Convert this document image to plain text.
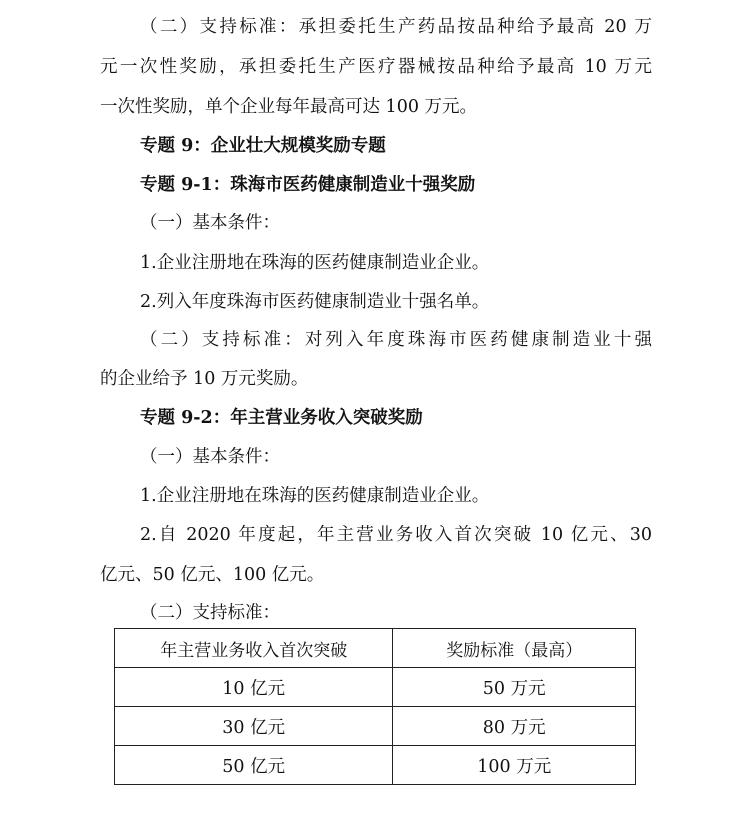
（二）支持标准：承担委托生产药品按品种给予最高 20 万
元一次性奖励，承担委托生产医疗器械按品种给予最高 10 万元
一次性奖励，单个企业每年最高可达 100 万元。
专题 9：企业壮大规模奖励专题
专题 9-1：珠海市医药健康制造业十强奖励
（一）基本条件：
1.企业注册地在珠海的医药健康制造业企业。
2.列入年度珠海市医药健康制造业十强名单。
（二）支持标准：对列入年度珠海市医药健康制造业十强
的企业给予 10 万元奖励。
专题 9-2：年主营业务收入突破奖励
（一）基本条件：
1.企业注册地在珠海的医药健康制造业企业。
2.自 2020 年度起，年主营业务收入首次突破 10 亿元、30
亿元、50 亿元、100 亿元。
（二）支持标准：
年主营业务收入首次突破	奖励标准（最高）
10 亿元	50 万元
30 亿元	80 万元
50 亿元	100 万元
